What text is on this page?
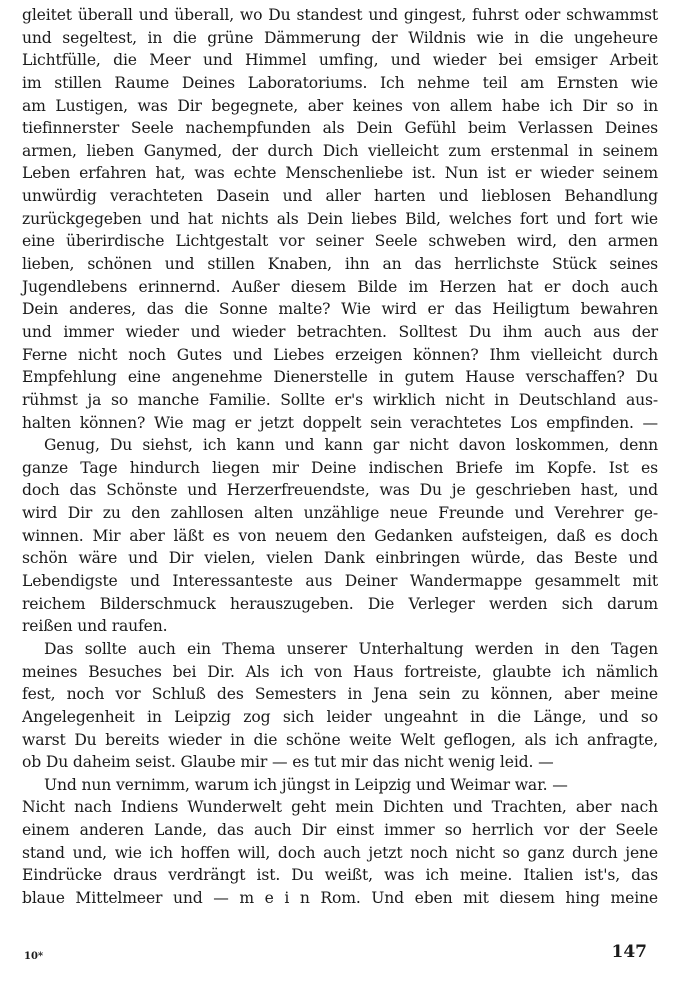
gleitet überall und überall, wo Du standest und gingest, fuhrst oder schwammst
und segeltest, in die grüne Dämmerung der Wildnis wie in die ungeheure
Lichtfülle, die Meer und Himmel umfing, und wieder bei emsiger Arbeit
im stillen Raume Deines Laboratoriums. Ich nehme teil am Ernsten wie
am Lustigen, was Dir begegnete, aber keines von allem habe ich Dir so in
tiefinnerster Seele nachempfunden als Dein Gefühl beim Verlassen Deines
armen, lieben Ganymed, der durch Dich vielleicht zum erstenmal in seinem
Leben erfahren hat, was echte Menschenliebe ist. Nun ist er wieder seinem
unwürdig verachteten Dasein und aller harten und lieblosen Behandlung
zurückgegeben und hat nichts als Dein liebes Bild, welches fort und fort wie
eine überirdische Lichtgestalt vor seiner Seele schweben wird, den armen
lieben, schönen und stillen Knaben, ihn an das herrlichste Stück seines
Jugendlebens erinnernd. Außer diesem Bilde im Herzen hat er doch auch
Dein anderes, das die Sonne malte? Wie wird er das Heiligtum bewahren
und immer wieder und wieder betrachten. Solltest Du ihm auch aus der
Ferne nicht noch Gutes und Liebes erzeigen können? Ihm vielleicht durch
Empfehlung eine angenehme Dienerstelle in gutem Hause verschaffen? Du
rühmst ja so manche Familie. Sollte er's wirklich nicht in Deutschland aus-
halten können? Wie mag er jetzt doppelt sein verachtetes Los empfinden. —
Genug, Du siehst, ich kann und kann gar nicht davon loskommen, denn
ganze Tage hindurch liegen mir Deine indischen Briefe im Kopfe. Ist es
doch das Schönste und Herzerfreuendste, was Du je geschrieben hast, und
wird Dir zu den zahllosen alten unzählige neue Freunde und Verehrer ge-
winnen. Mir aber läßt es von neuem den Gedanken aufsteigen, daß es doch
schön wäre und Dir vielen, vielen Dank einbringen würde, das Beste und
Lebendigste und Interessanteste aus Deiner Wandermappe gesammelt mit
reichem Bilderschmuck herauszugeben. Die Verleger werden sich darum
reißen und raufen.
Das sollte auch ein Thema unserer Unterhaltung werden in den Tagen
meines Besuches bei Dir. Als ich von Haus fortreiste, glaubte ich nämlich
fest, noch vor Schluß des Semesters in Jena sein zu können, aber meine
Angelegenheit in Leipzig zog sich leider ungeahnt in die Länge, und so
warst Du bereits wieder in die schöne weite Welt geflogen, als ich anfragte,
ob Du daheim seist. Glaube mir — es tut mir das nicht wenig leid. —
Und nun vernimm, warum ich jüngst in Leipzig und Weimar war. —
Nicht nach Indiens Wunderwelt geht mein Dichten und Trachten, aber nach
einem anderen Lande, das auch Dir einst immer so herrlich vor der Seele
stand und, wie ich hoffen will, doch auch jetzt noch nicht so ganz durch jene
Eindrücke draus verdrängt ist. Du weißt, was ich meine. Italien ist's, das
blaue Mittelmeer und — m e i n Rom. Und eben mit diesem hing meine
10*	147
